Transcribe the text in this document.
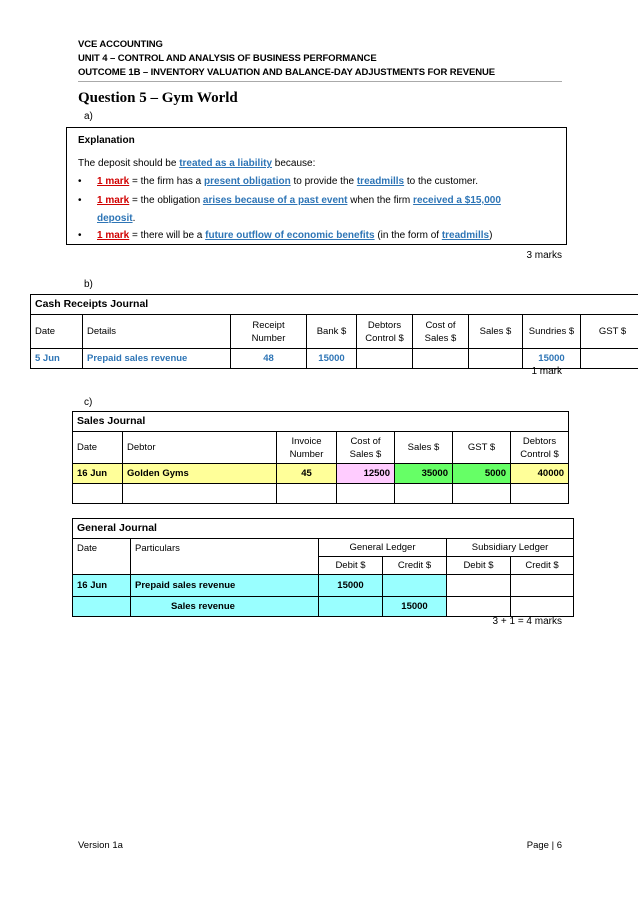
VCE ACCOUNTING
UNIT 4 – CONTROL AND ANALYSIS OF BUSINESS PERFORMANCE
OUTCOME 1B – INVENTORY VALUATION AND BALANCE-DAY ADJUSTMENTS FOR REVENUE
Question 5 – Gym World
a)
Explanation
The deposit should be treated as a liability because:
• 1 mark = the firm has a present obligation to provide the treadmills to the customer.
• 1 mark = the obligation arises because of a past event when the firm received a $15,000 deposit.
• 1 mark = there will be a future outflow of economic benefits (in the form of treadmills)
3 marks
b)
Cash Receipts Journal								
Date	Details	Receipt Number	Bank $	Debtors Control $	Cost of Sales $	Sales $	Sundries $	GST $
5 Jun	Prepaid sales revenue	48	15000				15000	
1 mark
c)
Sales Journal						
Date	Debtor	Invoice Number	Cost of Sales $	Sales $	GST $	Debtors Control $
16 Jun	Golden Gyms	45	12500	35000	5000	40000

General Journal					
Date	Particulars	General Ledger		Subsidiary Ledger	
		Debit $	Credit $	Debit $	Credit $
16 Jun	Prepaid sales revenue	15000			
	Sales revenue		15000		
3 + 1 = 4 marks
Version 1a	Page | 6
